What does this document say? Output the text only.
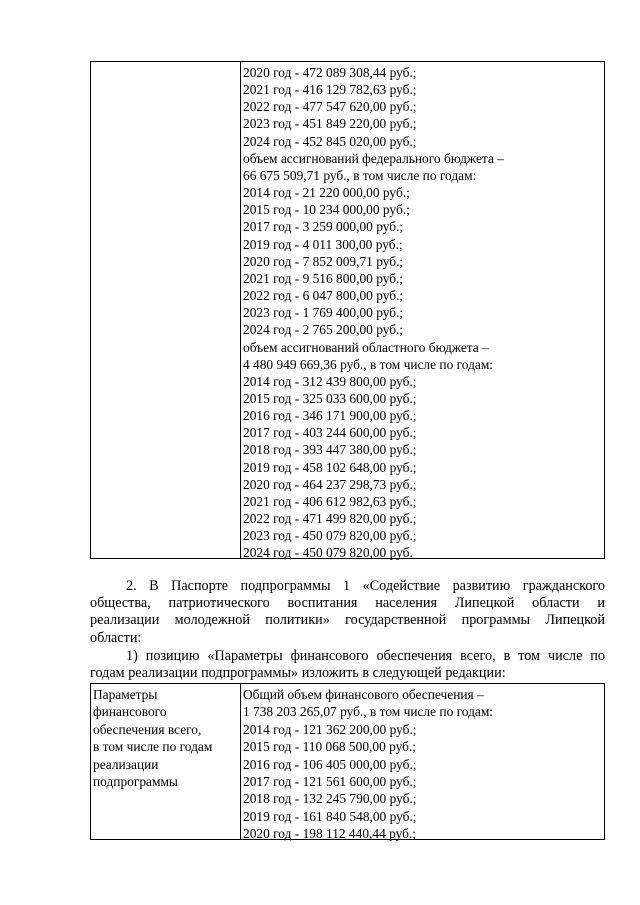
2020 год - 472 089 308,44 руб.;
2021 год - 416 129 782,63 руб.;
2022 год - 477 547 620,00 руб.;
2023 год - 451 849 220,00 руб.;
2024 год - 452 845 020,00 руб.;
объем ассигнований федерального бюджета –
66 675 509,71 руб., в том числе по годам:
2014 год - 21 220 000,00 руб.;
2015 год - 10 234 000,00 руб.;
2017 год - 3 259 000,00 руб.;
2019 год - 4 011 300,00 руб.;
2020 год - 7 852 009,71 руб.;
2021 год - 9 516 800,00 руб.;
2022 год - 6 047 800,00 руб.;
2023 год - 1 769 400,00 руб.;
2024 год - 2 765 200,00 руб.;
объем ассигнований областного бюджета –
4 480 949 669,36 руб., в том числе по годам:
2014 год - 312 439 800,00 руб.;
2015 год - 325 033 600,00 руб.;
2016 год - 346 171 900,00 руб.;
2017 год - 403 244 600,00 руб.;
2018 год - 393 447 380,00 руб.;
2019 год - 458 102 648,00 руб.;
2020 год - 464 237 298,73 руб.;
2021 год - 406 612 982,63 руб.;
2022 год - 471 499 820,00 руб.;
2023 год - 450 079 820,00 руб.;
2024 год - 450 079 820,00 руб.
2. В Паспорте подпрограммы 1 «Содействие развитию гражданского
общества, патриотического воспитания населения Липецкой области и
реализации молодежной политики» государственной программы Липецкой
области:
1) позицию «Параметры финансового обеспечения всего, в том числе по
годам реализации подпрограммы» изложить в следующей редакции:
Параметры
финансового
обеспечения всего,
в том числе по годам
реализации
подпрограммы
Общий объем финансового обеспечения –
1 738 203 265,07 руб., в том числе по годам:
2014 год - 121 362 200,00 руб.;
2015 год - 110 068 500,00 руб.;
2016 год - 106 405 000,00 руб.;
2017 год - 121 561 600,00 руб.;
2018 год - 132 245 790,00 руб.;
2019 год - 161 840 548,00 руб.;
2020 год - 198 112 440,44 руб.;
